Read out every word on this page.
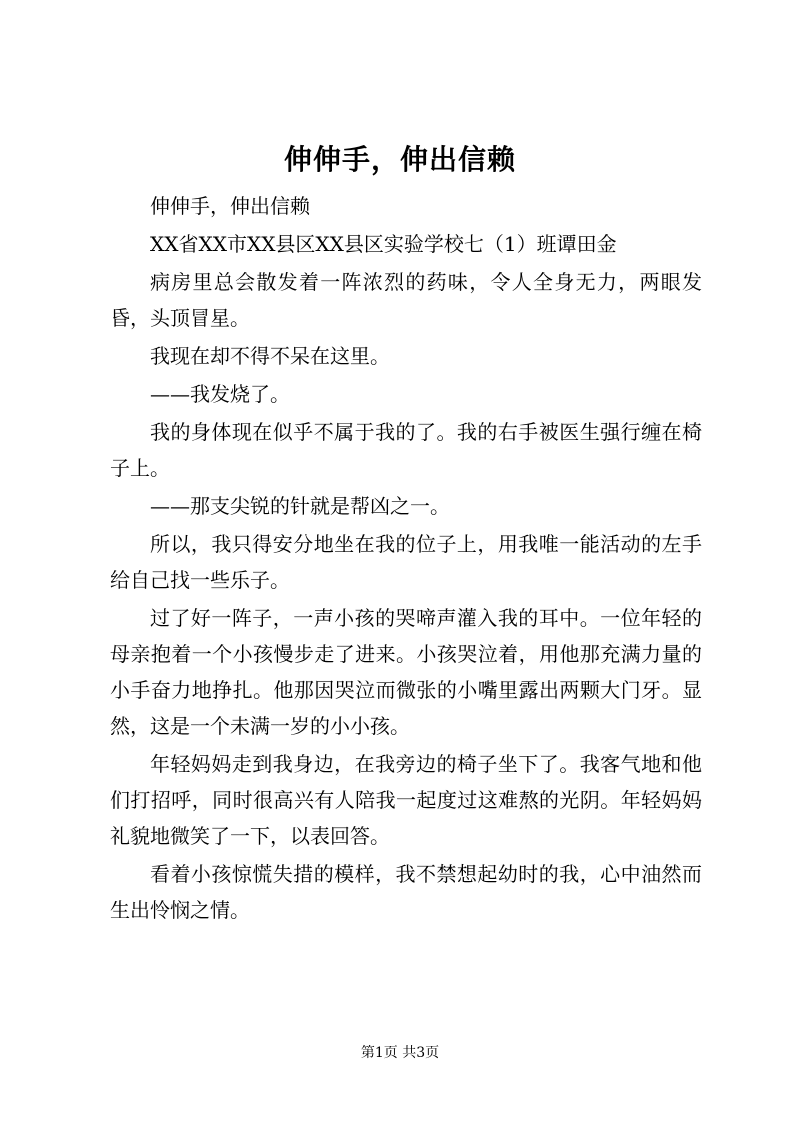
伸伸手，伸出信赖

伸伸手，伸出信赖

XX省XX市XX县区XX县区实验学校七（1）班谭田金

病房里总会散发着一阵浓烈的药味，令人全身无力，两眼发昏，头顶冒星。

我现在却不得不呆在这里。

——我发烧了。

我的身体现在似乎不属于我的了。我的右手被医生强行缠在椅子上。

——那支尖锐的针就是帮凶之一。

所以，我只得安分地坐在我的位子上，用我唯一能活动的左手给自己找一些乐子。

过了好一阵子，一声小孩的哭啼声灌入我的耳中。一位年轻的母亲抱着一个小孩慢步走了进来。小孩哭泣着，用他那充满力量的小手奋力地挣扎。他那因哭泣而微张的小嘴里露出两颗大门牙。显然，这是一个未满一岁的小小孩。

年轻妈妈走到我身边，在我旁边的椅子坐下了。我客气地和他们打招呼，同时很高兴有人陪我一起度过这难熬的光阴。年轻妈妈礼貌地微笑了一下，以表回答。

看着小孩惊慌失措的模样，我不禁想起幼时的我，心中油然而生出怜悯之情。

第1页 共3页
